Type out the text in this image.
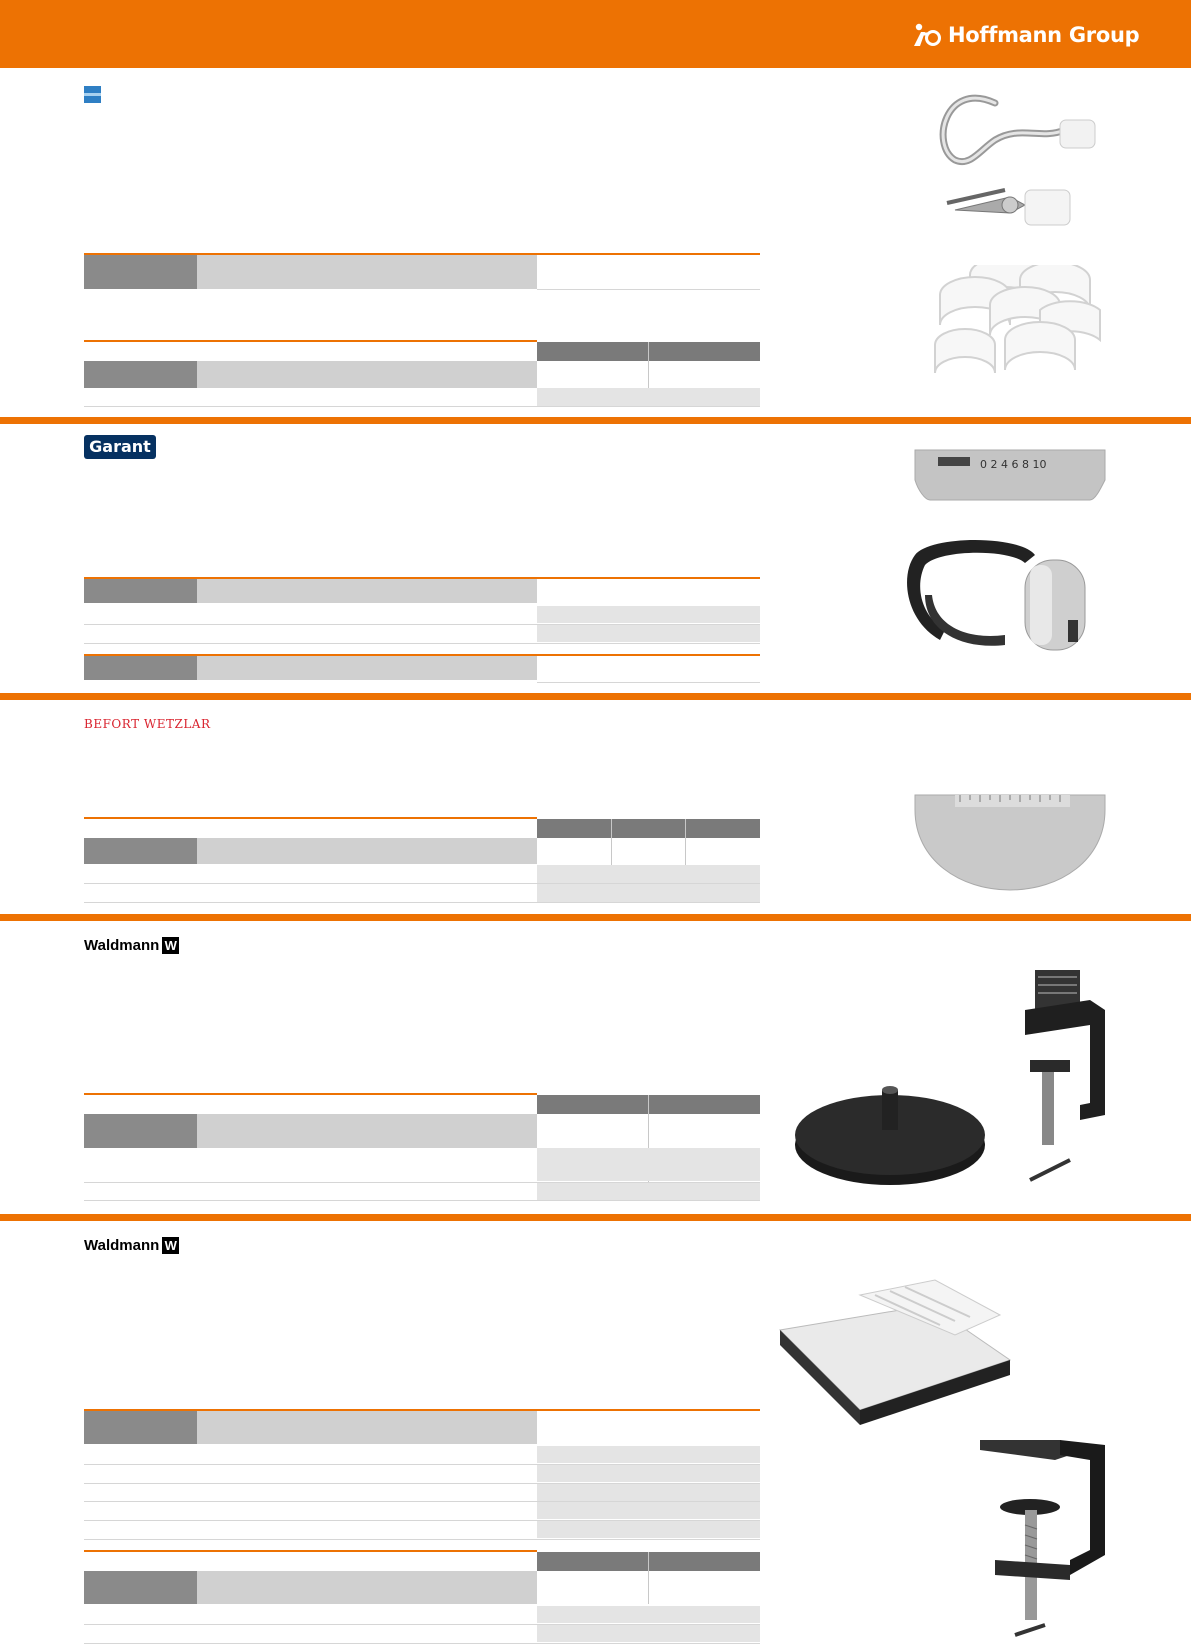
Hoffmann Group
Garant
0 2 4 6 8 10
BEFORT WETZLAR
Waldmann W
Waldmann W
